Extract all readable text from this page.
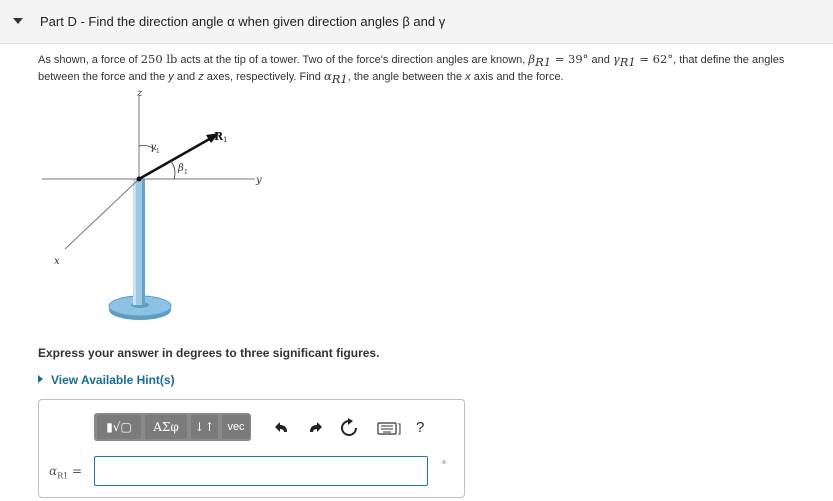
Part D - Find the direction angle α when given direction angles β and γ
As shown, a force of 250 lb acts at the tip of a tower. Two of the force's direction angles are known, $\beta_{R1} = 39^\circ$ and $\gamma_{R1} = 62^\circ$, that define the angles between the force and the y and z axes, respectively. Find $\alpha_{R1}$, the angle between the x axis and the force.
z
y
x
R 1
γ 1
β 1
Express your answer in degrees to three significant figures.
View Available Hint(s)
▮√▢	ΑΣφ	↓↑	vec	] ?
$\alpha_{R1}$ =	°
